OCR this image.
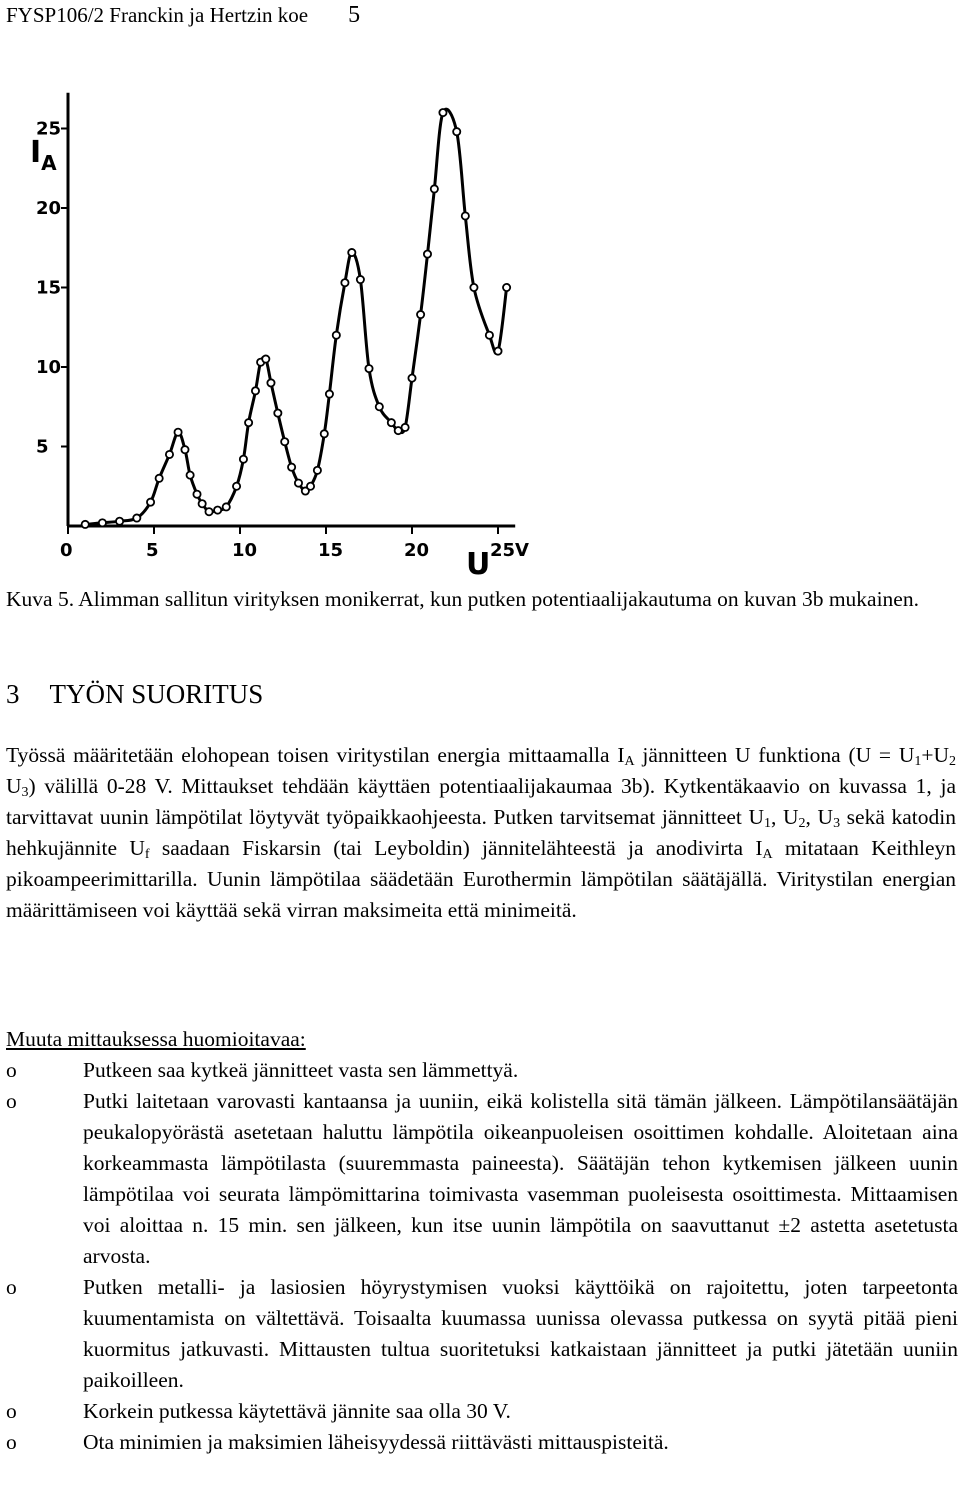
FYSP106/2 Franckin ja Hertzin koe 5
0	5	10	15	20	25V
5
10
15
20
25
$I_A$
U
Kuva 5. Alimman sallitun virityksen monikerrat, kun putken potentiaalijakautuma on kuvan 3b mukainen.
3 TYÖN SUORITUS
Työssä määritetään elohopean toisen viritystilan energia mittaamalla $I_A$ jännitteen U funktiona ($U = U_1+U_2$ $U_3$) välillä 0-28 V. Mittaukset tehdään käyttäen potentiaalijakaumaa 3b). Kytkentäkaavio on kuvassa 1, ja tarvittavat uunin lämpötilat löytyvät työpaikkaohjeesta. Putken tarvitsemat jännitteet $U_1$, $U_2$, $U_3$ sekä katodin hehkujännite $U_f$ saadaan Fiskarsin (tai Leyboldin) jännitelähteestä ja anodivirta $I_A$ mitataan Keithleyn pikoampeerimittarilla. Uunin lämpötilaa säädetään Eurothermin lämpötilan säätäjällä. Viritystilan energian määrittämiseen voi käyttää sekä virran maksimeita että minimeitä.
Muuta mittauksessa huomioitavaa:
o	Putkeen saa kytkeä jännitteet vasta sen lämmettyä.
o	Putki laitetaan varovasti kantaansa ja uuniin, eikä kolistella sitä tämän jälkeen. Lämpötilansäätäjän peukalopyörästä asetetaan haluttu lämpötila oikeanpuoleisen osoittimen kohdalle. Aloitetaan aina korkeammasta lämpötilasta (suuremmasta paineesta). Säätäjän tehon kytkemisen jälkeen uunin lämpötilaa voi seurata lämpömittarina toimivasta vasemman puoleisesta osoittimesta. Mittaamisen voi aloittaa n. 15 min. sen jälkeen, kun itse uunin lämpötila on saavuttanut ±2 astetta asetetusta arvosta.
o	Putken metalli- ja lasiosien höyrystymisen vuoksi käyttöikä on rajoitettu, joten tarpeetonta kuumentamista on vältettävä. Toisaalta kuumassa uunissa olevassa putkessa on syytä pitää pieni kuormitus jatkuvasti. Mittausten tultua suoritetuksi katkaistaan jännitteet ja putki jätetään uuniin paikoilleen.
o	Korkein putkessa käytettävä jännite saa olla 30 V.
o	Ota minimien ja maksimien läheisyydessä riittävästi mittauspisteitä.
